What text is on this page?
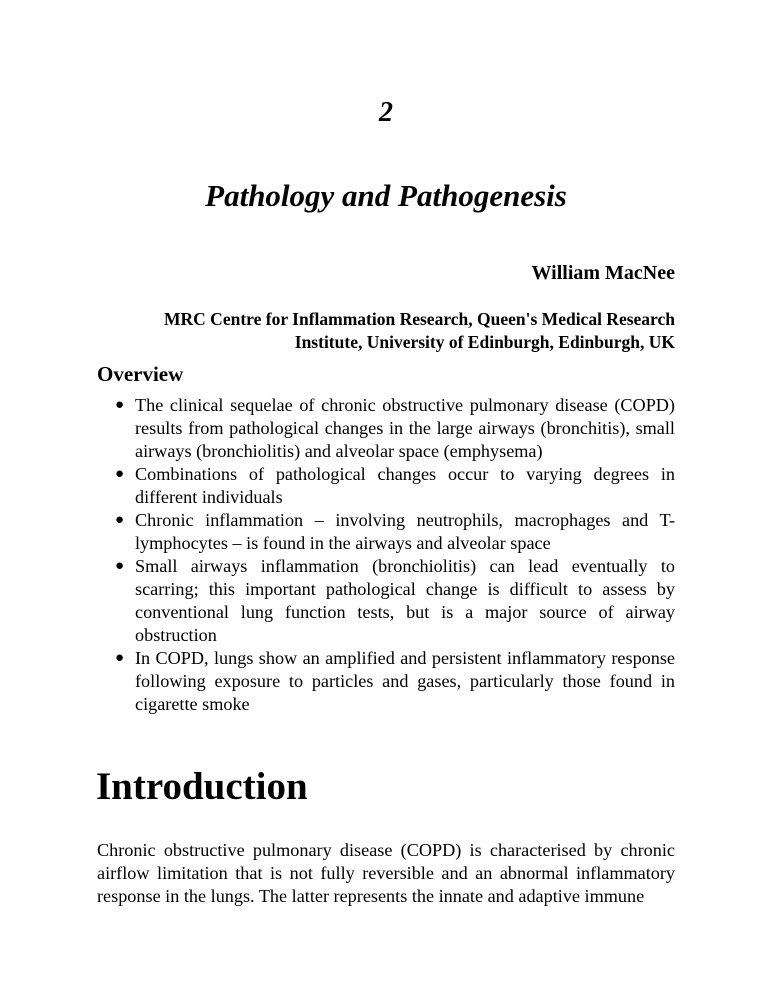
2
Pathology and Pathogenesis
William MacNee
MRC Centre for Inflammation Research, Queen's Medical Research
Institute, University of Edinburgh, Edinburgh, UK
Overview
● The clinical sequelae of chronic obstructive pulmonary disease (COPD) results from pathological changes in the large airways (bronchitis), small airways (bronchiolitis) and alveolar space (emphysema)
● Combinations of pathological changes occur to varying degrees in different individuals
● Chronic inflammation – involving neutrophils, macrophages and T-lymphocytes – is found in the airways and alveolar space
● Small airways inflammation (bronchiolitis) can lead eventually to scarring; this important pathological change is difficult to assess by conventional lung function tests, but is a major source of airway obstruction
● In COPD, lungs show an amplified and persistent inflammatory response following exposure to particles and gases, particularly those found in cigarette smoke
Introduction

Chronic obstructive pulmonary disease (COPD) is characterised by chronic airflow limitation that is not fully reversible and an abnormal inflammatory response in the lungs. The latter represents the innate and adaptive immune
